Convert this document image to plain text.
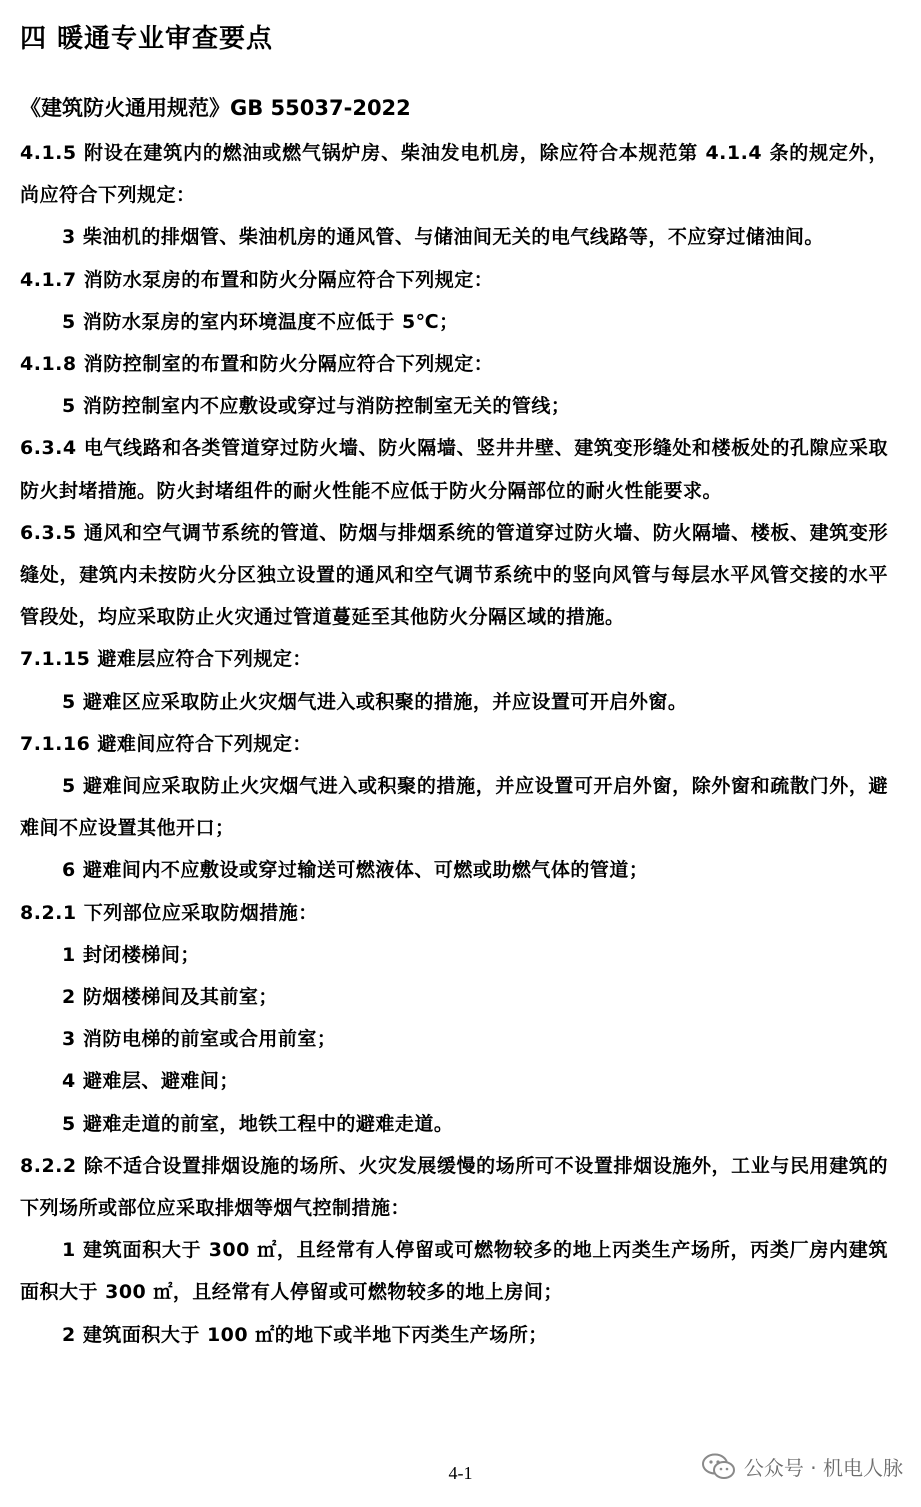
四 暖通专业审查要点
《建筑防火通用规范》GB 55037-2022

4.1.5 附设在建筑内的燃油或燃气锅炉房、柴油发电机房，除应符合本规范第 4.1.4 条的规定外，尚应符合下列规定：

3 柴油机的排烟管、柴油机房的通风管、与储油间无关的电气线路等，不应穿过储油间。

4.1.7 消防水泵房的布置和防火分隔应符合下列规定：

5 消防水泵房的室内环境温度不应低于 5℃；

4.1.8 消防控制室的布置和防火分隔应符合下列规定：

5 消防控制室内不应敷设或穿过与消防控制室无关的管线；

6.3.4 电气线路和各类管道穿过防火墙、防火隔墙、竖井井壁、建筑变形缝处和楼板处的孔隙应采取防火封堵措施。防火封堵组件的耐火性能不应低于防火分隔部位的耐火性能要求。

6.3.5 通风和空气调节系统的管道、防烟与排烟系统的管道穿过防火墙、防火隔墙、楼板、建筑变形缝处，建筑内未按防火分区独立设置的通风和空气调节系统中的竖向风管与每层水平风管交接的水平管段处，均应采取防止火灾通过管道蔓延至其他防火分隔区域的措施。

7.1.15 避难层应符合下列规定：

5 避难区应采取防止火灾烟气进入或积聚的措施，并应设置可开启外窗。

7.1.16 避难间应符合下列规定：

5 避难间应采取防止火灾烟气进入或积聚的措施，并应设置可开启外窗，除外窗和疏散门外，避难间不应设置其他开口；

6 避难间内不应敷设或穿过输送可燃液体、可燃或助燃气体的管道；

8.2.1 下列部位应采取防烟措施：

1 封闭楼梯间；

2 防烟楼梯间及其前室；

3 消防电梯的前室或合用前室；

4 避难层、避难间；

5 避难走道的前室，地铁工程中的避难走道。

8.2.2 除不适合设置排烟设施的场所、火灾发展缓慢的场所可不设置排烟设施外，工业与民用建筑的下列场所或部位应采取排烟等烟气控制措施：

1 建筑面积大于 300 ㎡，且经常有人停留或可燃物较多的地上丙类生产场所，丙类厂房内建筑面积大于 300 ㎡，且经常有人停留或可燃物较多的地上房间；

2 建筑面积大于 100 ㎡的地下或半地下丙类生产场所；

4-1	公众号 · 机电人脉
